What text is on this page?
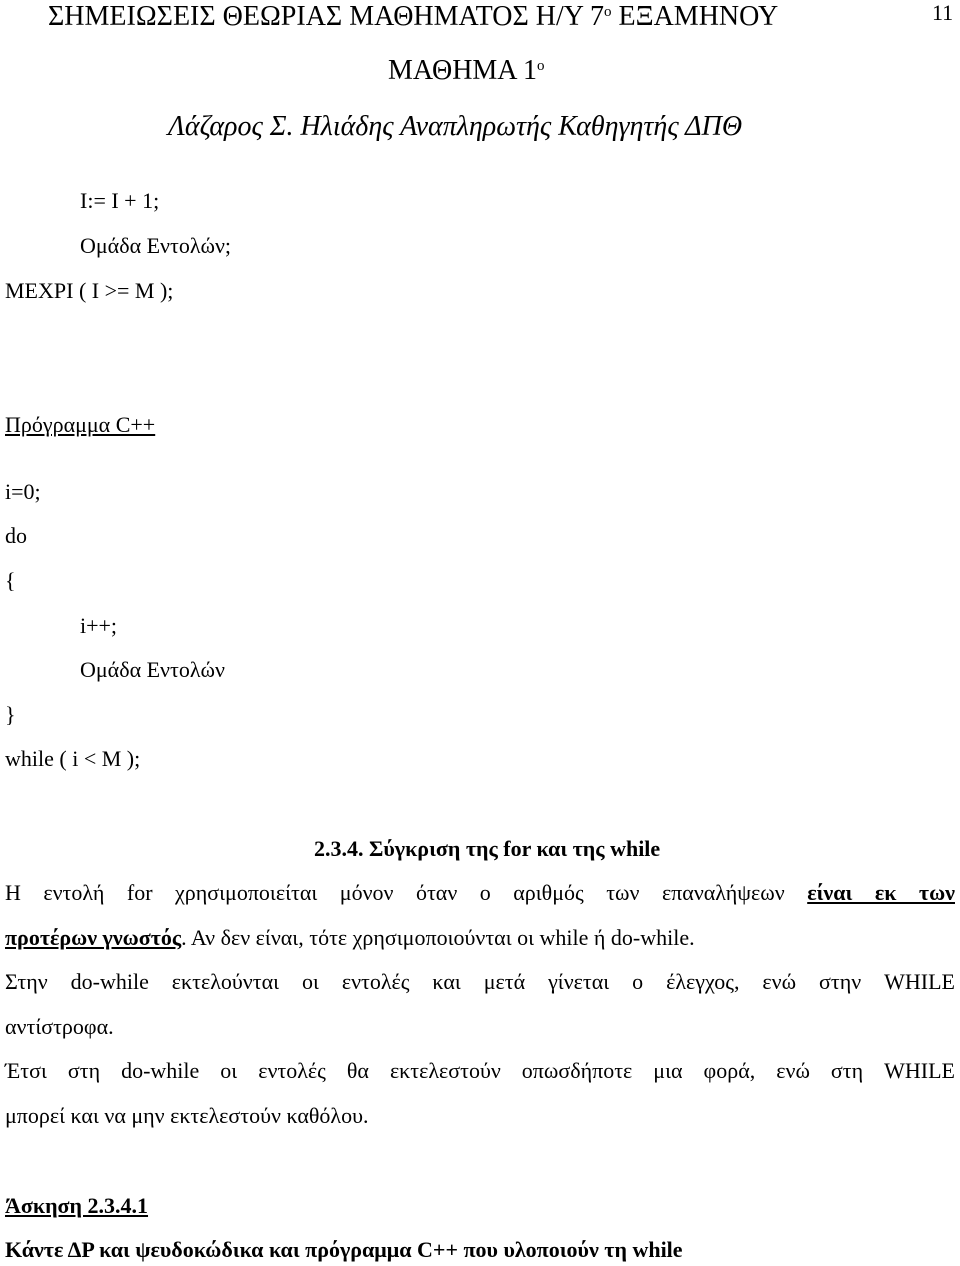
ΣΗΜΕΙΩΣΕΙΣ ΘΕΩΡΙΑΣ ΜΑΘΗΜΑΤΟΣ Η/Υ $7^o$ ΕΞΑΜΗΝΟΥ	11
ΜΑΘΗΜΑ $1^o$
Λάζαρος Σ. Ηλιάδης Αναπληρωτής Καθηγητής ΔΠΘ
I:= I + 1;
Ομάδα Εντολών;
ΜΕΧΡΙ ( I >= M );
Πρόγραμμα C++
i=0;
do
{
i++;
Ομάδα Εντολών
}
while ( i < M );
2.3.4. Σύγκριση της for και της while
Η εντολή for χρησιμοποιείται μόνον όταν ο αριθμός των επαναλήψεων είναι εκ των
προτέρων γνωστός. Αν δεν είναι, τότε χρησιμοποιούνται οι while ή do-while.
Στην do-while εκτελούνται οι εντολές και μετά γίνεται ο έλεγχος, ενώ στην WHILE
αντίστροφα.
Έτσι στη do-while οι εντολές θα εκτελεστούν οπωσδήποτε μια φορά, ενώ στη WHILE
μπορεί και να μην εκτελεστούν καθόλου.
Άσκηση 2.3.4.1
Κάντε ΔΡ και ψευδοκώδικα και πρόγραμμα C++ που υλοποιούν τη while
